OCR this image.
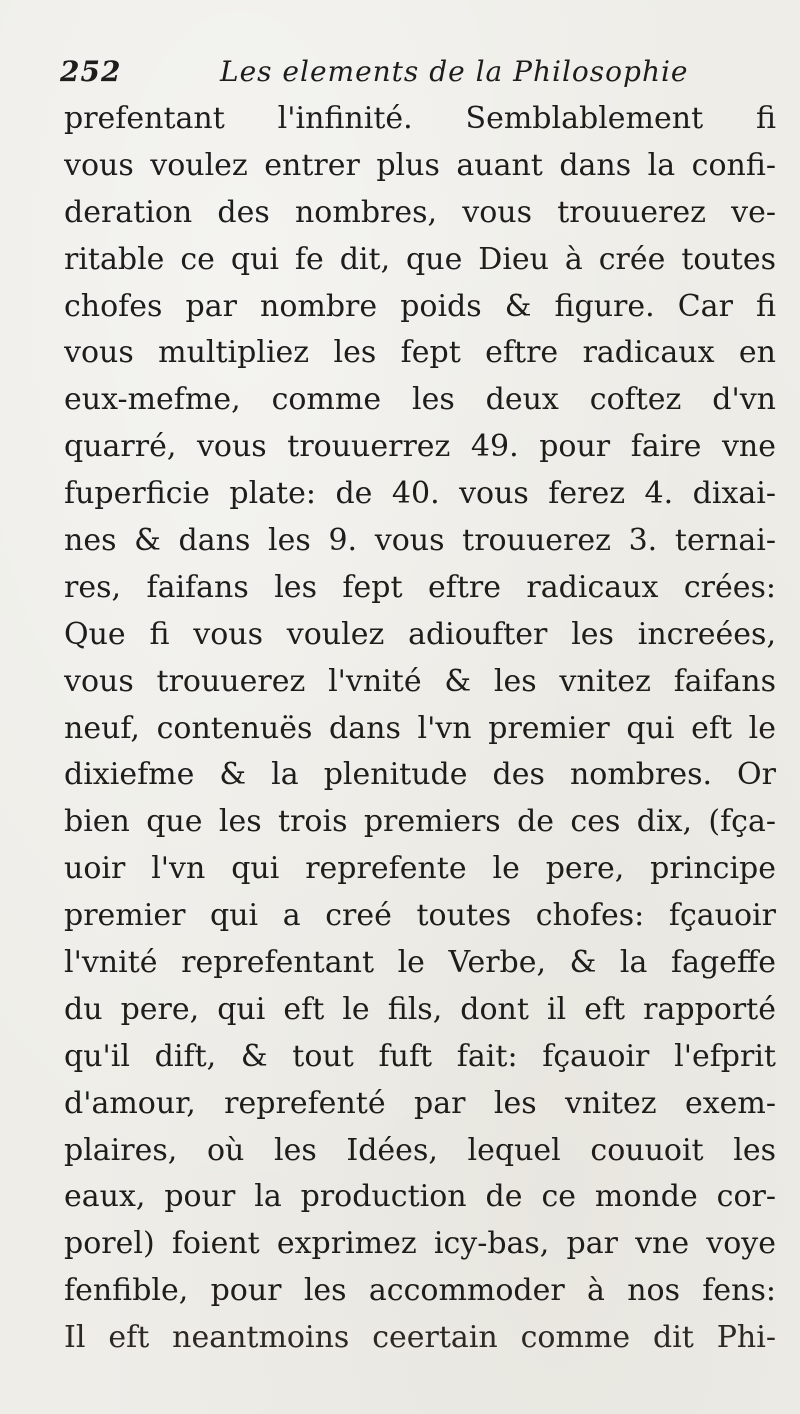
252	Les elements de la Philosophie
prefentant l'infinité. Semblablement fi
vous voulez entrer plus auant dans la confi-
deration des nombres, vous trouuerez ve-
ritable ce qui fe dit, que Dieu à crée toutes
chofes par nombre poids & figure. Car fi
vous multipliez les fept eftre radicaux en
eux-mefme, comme les deux coftez d'vn
quarré, vous trouuerrez 49. pour faire vne
fuperficie plate: de 40. vous ferez 4. dixai-
nes & dans les 9. vous trouuerez 3. ternai-
res, faifans les fept eftre radicaux crées:
Que fi vous voulez adioufter les increées,
vous trouuerez l'vnité & les vnitez faifans
neuf, contenuës dans l'vn premier qui eft le
dixiefme & la plenitude des nombres. Or
bien que les trois premiers de ces dix, (fça-
uoir l'vn qui reprefente le pere, principe
premier qui a creé toutes chofes: fçauoir
l'vnité reprefentant le Verbe, & la fageffe
du pere, qui eft le fils, dont il eft rapporté
qu'il dift, & tout fuft fait: fçauoir l'efprit
d'amour, reprefenté par les vnitez exem-
plaires, où les Idées, lequel couuoit les
eaux, pour la production de ce monde cor-
porel) foient exprimez icy-bas, par vne voye
fenfible, pour les accommoder à nos fens:
Il eft neantmoins ceertain comme dit Phi-
